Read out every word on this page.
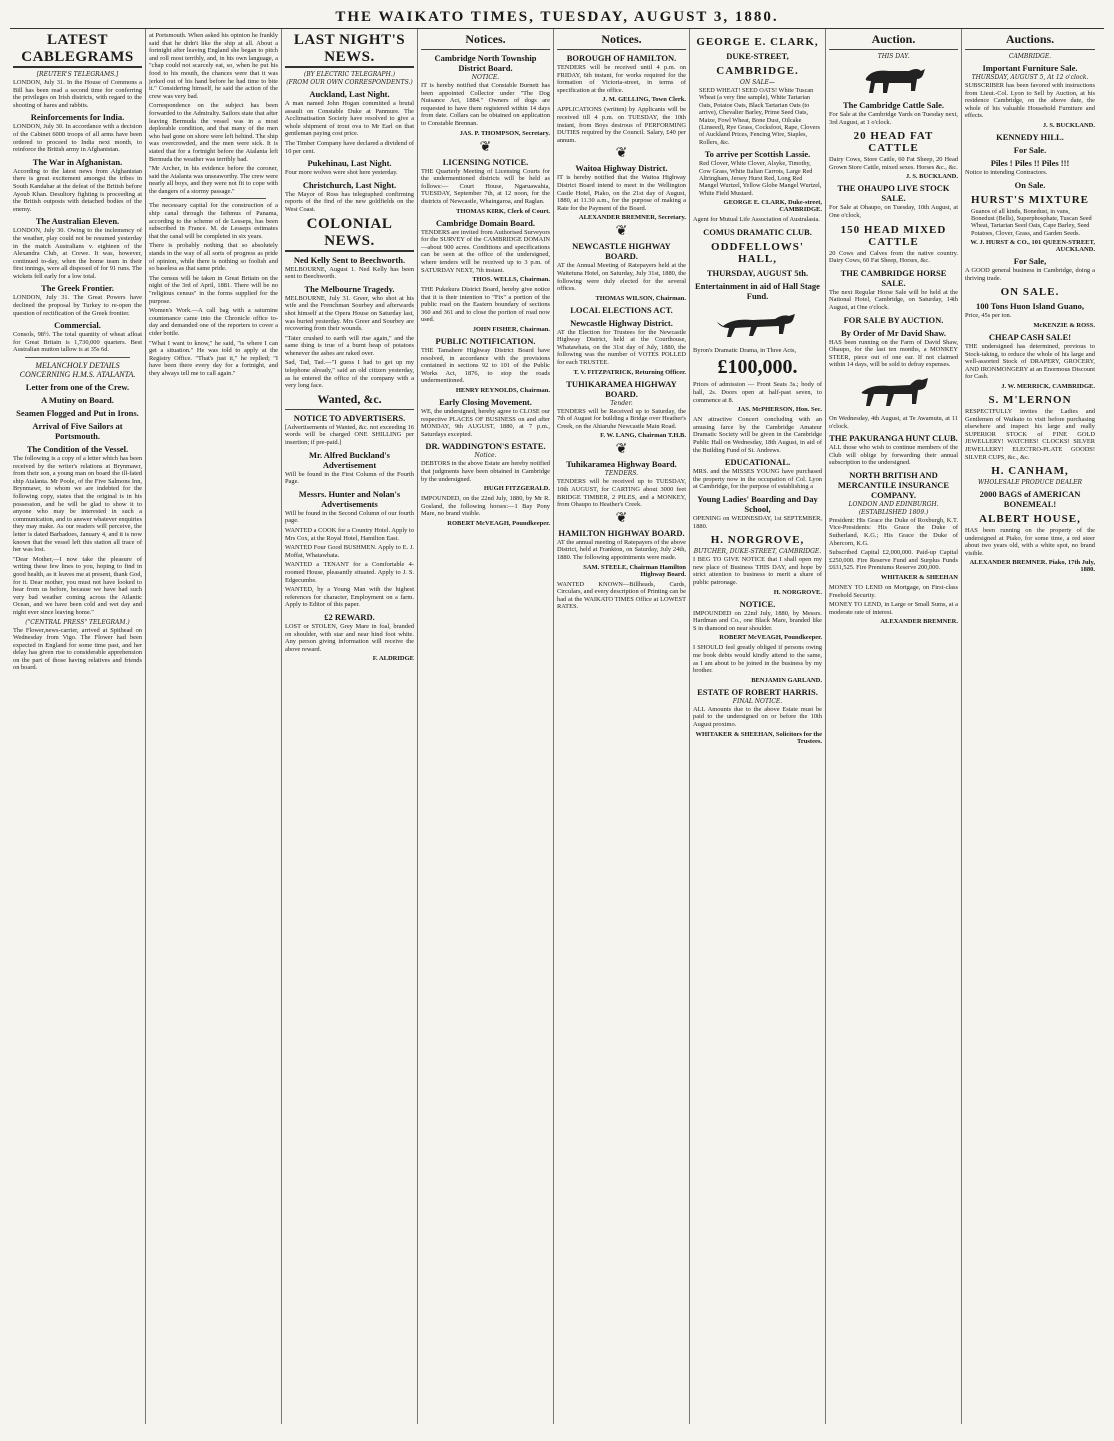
THE WAIKATO TIMES, TUESDAY, AUGUST 3, 1880.
LATEST CABLEGRAMS
[REUTER'S TELEGRAMS.]

LONDON, July 31. In the House of Commons a Bill has been read a second time for conferring the privileges on Irish districts, with regard to the shooting of hares and rabbits.

Reinforcements for India.

LONDON, July 30. In accordance with a decision of the Cabinet 6000 troops of all arms have been ordered to proceed to India next month, to reinforce the British army in Afghanistan.

The War in Afghanistan.

According to the latest news from Afghanistan there is great excitement amongst the tribes in South Kandahar at the defeat of the British before Ayoub Khan. Desultory fighting is proceeding at the British outposts with detached bodies of the enemy.

The Australian Eleven.

LONDON, July 30. Owing to the inclemency of the weather, play could not be resumed yesterday in the match Australians v. eighteen of the Alexandra Club, at Crewe. It was, however, continued to-day, when the home team in their first innings, were all disposed of for 91 runs. The wickets fell early for a low total.

The Greek Frontier.

LONDON, July 31. The Great Powers have declined the proposal by Turkey to re-open the question of rectification of the Greek frontier.

Commercial.

Consols, 98½. The total quantity of wheat afloat for Great Britain is 1,730,000 quarters. Best Australian mutton tallow is at 35s 6d.

MELANCHOLY DETAILS CONCERNING H.M.S. ATALANTA.
Letter from one of the Crew.
A Mutiny on Board.
Seamen Flogged and Put in Irons.
Arrival of Five Sailors at Portsmouth.
The Condition of the Vessel.

The following is a copy of a letter which has been received by the writer's relations at Brynmawr, from their son, a young man on board the ill-fated ship Atalanta. Mr Poole, of the Five Salmons Inn, Brynmawr, to whom we are indebted for the following copy, states that the original is in his possession, and he will be glad to show it to anyone who may be interested in such a communication, and to answer whatever enquiries they may make. As our readers will perceive, the letter is dated Barbadoes, January 4, and it is now known that the vessel left this station all trace of her was lost.

"Dear Mother,—I now take the pleasure of writing these few lines to you, hoping to find in good health, as it leaves me at present, thank God, for it. Dear mother, you must not have looked to hear from us before, because we have had such very bad weather coming across the Atlantic Ocean, and we have been cold and wet day and night ever since leaving home."

("CENTRAL PRESS" TELEGRAM.)

The Flower,news-carrier, arrived at Spithead on Wednesday from Vigo. The Flower had been expected in England for some time past, and her delay has given rise to considerable apprehension on the part of those having relatives and friends on board.

at Portsmouth. When asked his opinion he frankly said that he didn't like the ship at all. About a fortnight after leaving England she began to pitch and roll most terribly, and, in his own language, a "chap could not scarcely eat, so, when he put his food to his mouth, the chances were that it was jerked out of his hand before he had time to bite it." Considering himself, he said the action of the crew was very bad.

Correspondence on the subject has been forwarded to the Admiralty. Sailors state that after leaving Bermuda the vessel was in a most deplorable condition, and that many of the men who had gone on shore were left behind. The ship was overcrowded, and the men were sick. It is stated that for a fortnight before the Atalanta left Bermuda the weather was terribly bad.

"Mr Archer, in his evidence before the coroner, said the Atalanta was unseaworthy. The crew were nearly all boys, and they were not fit to cope with the dangers of a stormy passage."

The necessary capital for the construction of a ship canal through the Isthmus of Panama, according to the scheme of de Lesseps, has been subscribed in France. M. de Lesseps estimates that the canal will be completed in six years.

There is probably nothing that so absolutely stands in the way of all sorts of progress as pride of opinion, while there is nothing so foolish and so baseless as that same pride.

The census will be taken in Great Britain on the night of the 3rd of April, 1881. There will be no "religious census" in the forms supplied for the purpose.

Women's Work.—A call bag with a saturnine countenance came into the Chronicle office to-day and demanded one of the reporters to cover a cider bottle.

"What I want to know," he said, "is where I can get a situation." He was told to apply at the Registry Office. "That's just it," he replied; "I have been there every day for a fortnight, and they always tell me to call again."

LAST NIGHT'S NEWS.
(BY ELECTRIC TELEGRAPH.)
(FROM OUR OWN CORRESPONDENTS.)
Auckland, Last Night.

A man named John Hogan committed a brutal assault on Constable Duke at Panmure. The Acclimatisation Society have resolved to give a whole shipment of trout ova to Mr Earl on that gentleman paying cost price.

The Timber Company have declared a dividend of 10 per cent.

Pukehinau, Last Night.

Four more wolves were shot here yesterday.

Christchurch, Last Night.

The Mayor of Ross has telegraphed confirming reports of the find of the new goldfields on the West Coast.

COLONIAL NEWS.
Ned Kelly Sent to Beechworth.

MELBOURNE, August 1. Ned Kelly has been sent to Beechworth.

The Melbourne Tragedy.

MELBOURNE, July 31. Greer, who shot at his wife and the Frenchman Sourbey and afterwards shot himself at the Opera House on Saturday last, was buried yesterday. Mrs Greer and Sourbey are recovering from their wounds.

"Tater crushed to earth will rise again," and the same thing is true of a burnt heap of potatoes whenever the ashes are raked over.

Sad, Tad, Tad.—"I guess I had to get up my telephone already," said an old citizen yesterday, as he entered the office of the company with a very long face.

Wanted, &c.
NOTICE TO ADVERTISERS.

[Advertisements of Wanted, &c. not exceeding 16 words will be charged ONE SHILLING per insertion; if pre-paid.]

Mr. Alfred Buckland's Advertisement

Will be found in the First Column of the Fourth Page.

Messrs. Hunter and Nolan's Advertisements

Will be found in the Second Column of our fourth page.

WANTED a COOK for a Country Hotel. Apply to Mrs Cox, at the Royal Hotel, Hamilton East.

WANTED Four Good BUSHMEN. Apply to E. J. Moffat, Whatawhata.

WANTED a TENANT for a Comfortable 4-roomed House, pleasantly situated. Apply to J. S. Edgecumbe.

WANTED, by a Young Man with the highest references for character, Employment on a farm. Apply to Editor of this paper.

£2 REWARD.

LOST or STOLEN, Grey Mare in foal, branded on shoulder, with star and near hind foot white. Any person giving information will receive the above reward.

F. ALDRIDGE
Notices.
Cambridge North Township District Board.
NOTICE.

IT is hereby notified that Constable Burnett has been appointed Collector under "The Dog Nuisance Act, 1884." Owners of dogs are requested to have them registered within 14 days from date. Collars can be obtained on application to Constable Brennan.

JAS. P. THOMPSON, Secretary.
❦
LICENSING NOTICE.

THE Quarterly Meeting of Licensing Courts for the undermentioned districts will be held as follows:— Court House, Ngaruawahia, TUESDAY, September 7th, at 12 noon, for the districts of Newcastle, Whaingaroa, and Raglan.

THOMAS KIRK, Clerk of Court.
Cambridge Domain Board.

TENDERS are invited from Authorised Surveyors for the SURVEY of the CAMBRIDGE DOMAIN—about 900 acres. Conditions and specifications can be seen at the office of the undersigned, where tenders will be received up to 3 p.m. of SATURDAY NEXT, 7th instant.

THOS. WELLS, Chairman.

THE Pukekura District Board, hereby give notice that it is their intention to "Fix" a portion of the public road on the Eastern boundary of sections 360 and 361 and to close the portion of road now used.

JOHN FISHER, Chairman.
PUBLIC NOTIFICATION.

THE Tamahere Highway District Board have resolved, in accordance with the provisions contained in sections 92 to 101 of the Public Works Act, 1876, to stop the roads undermentioned.

HENRY REYNOLDS, Chairman.
Early Closing Movement.

WE, the undersigned, hereby agree to CLOSE our respective PLACES OF BUSINESS on and after MONDAY, 9th AUGUST, 1880, at 7 p.m., Saturdays excepted.

DR. WADDINGTON'S ESTATE.
Notice.

DEBTORS in the above Estate are hereby notified that judgments have been obtained in Cambridge by the undersigned.

HUGH FITZGERALD.

IMPOUNDED, on the 22nd July, 1880, by Mr R. Gosland, the following horses:—1 Bay Pony Mare, no brand visible.

ROBERT McVEAGH, Poundkeeper.
Notices.
BOROUGH OF HAMILTON.

TENDERS will be received until 4 p.m. on FRIDAY, 6th instant, for works required for the formation of Victoria-street, in terms of specification at the office.

J. M. GELLING, Town Clerk.

APPLICATIONS (written) by Applicants will be received till 4 p.m. on TUESDAY, the 10th instant, from Boys desirous of PERFORMING DUTIES required by the Council. Salary, £40 per annum.

❦
Waitoa Highway District.

IT is hereby notified that the Waitoa Highway District Board intend to meet in the Wellington Castle Hotel, Piako, on the 21st day of August, 1880, at 11.30 a.m., for the purpose of making a Rate for the Payment of the Board.

ALEXANDER BREMNER, Secretary.
❦
NEWCASTLE HIGHWAY BOARD.

AT the Annual Meeting of Ratepayers held at the Waitetuna Hotel, on Saturday, July 31st, 1880, the following were duly elected for the several offices.

THOMAS WILSON, Chairman.
LOCAL ELECTIONS ACT.
Newcastle Highway District.

AT the Election for Trustees for the Newcastle Highway District, held at the Courthouse, Whatawhata, on the 31st day of July, 1880, the following was the number of VOTES POLLED for each TRUSTEE.

T. V. FITZPATRICK, Returning Officer.
TUHIKARAMEA HIGHWAY BOARD.
Tender.

TENDERS will be Received up to Saturday, the 7th of August for building a Bridge over Heather's Creek, on the Ahiaruhe Newcastle Main Road.

F. W. LANG, Chairman T.H.B.
❦
Tuhikaramea Highway Board.
TENDERS.

TENDERS will be received up to TUESDAY, 10th AUGUST, for CARTING about 3000 feet BRIDGE TIMBER, 2 PILES, and a MONKEY, from Ohaupo to Heather's Creek.

❦
HAMILTON HIGHWAY BOARD.

AT the annual meeting of Ratepayers of the above District, held at Frankton, on Saturday, July 24th, 1880. The following appointments were made.

SAM. STEELE, Chairman Hamilton Highway Board.

WANTED KNOWN—Billheads, Cards, Circulars, and every description of Printing can be had at the WAIKATO TIMES Office at LOWEST RATES.

GEORGE E. CLARK,
DUKE-STREET,
CAMBRIDGE.
ON SALE—

SEED WHEAT! SEED OATS! White Tuscan Wheat (a very fine sample), White Tartarian Oats, Potatoe Oats, Black Tartarian Oats (to arrive), Chevalier Barley, Prime Seed Oats, Maize, Fowl Wheat, Bone Dust, Oilcake (Linseed), Rye Grass, Cocksfoot, Rape, Clovers of Auckland Prices, Fencing Wire, Staples, Rollers, &c.

To arrive per Scottish Lassie.

Red Clover, White Clover, Alsyke, Timothy, Cow Grass, White Italian Carrots, Large Red Altringham, Jersey Hurst Red, Long Red Mangel Wurtzel, Yellow Globe Mangel Wurtzel, White Field Mustard.

GEORGE E. CLARK, Duke-street, CAMBRIDGE.

Agent for Mutual Life Association of Australasia.

COMUS DRAMATIC CLUB.
ODDFELLOWS' HALL,
THURSDAY, AUGUST 5th.
Entertainment in aid of Hall Stage Fund.

Byron's Dramatic Drama, in Three Acts,

£100,000.

Prices of admission — Front Seats 3s.; body of hall, 2s. Doors open at half-past seven, to commence at 8.

JAS. McPHERSON, Hon. Sec.

AN attractive Concert concluding with an amusing farce by the Cambridge Amateur Dramatic Society will be given in the Cambridge Public Hall on Wednesday, 18th August, in aid of the Building Fund of St. Andrews.

EDUCATIONAL.

MRS. and the MISSES YOUNG have purchased the property now in the occupation of Col. Lyon at Cambridge, for the purpose of establishing a

Young Ladies' Boarding and Day School,

OPENING on WEDNESDAY, 1st SEPTEMBER, 1880.

H. NORGROVE,
BUTCHER, DUKE-STREET, CAMBRIDGE.

I BEG TO GIVE NOTICE that I shall open my new place of Business THIS DAY, and hope by strict attention to business to merit a share of public patronage.

H. NORGROVE.
NOTICE.

IMPOUNDED on 22nd July, 1880, by Messrs. Hardman and Co., one Black Mare, branded like S in diamond on near shoulder.

ROBERT McVEAGH, Poundkeeper.

I SHOULD feel greatly obliged if persons owing me book debts would kindly attend to the same, as I am about to be joined in the business by my brother.

BENJAMIN GARLAND.
ESTATE OF ROBERT HARRIS.
FINAL NOTICE.

ALL Amounts due to the above Estate must be paid to the undersigned on or before the 10th August proximo.

WHITAKER & SHEEHAN, Solicitors for the Trustees.
Auction.
THIS DAY.
The Cambridge Cattle Sale.

For Sale at the Cambridge Yards on Tuesday next, 3rd August, at 1 o'clock.

20 HEAD FAT CATTLE

Dairy Cows, Store Cattle, 60 Fat Sheep, 20 Head Grown Store Cattle, mixed sexes. Horses &c., &c.

J. S. BUCKLAND.
THE OHAUPO LIVE STOCK SALE.

For Sale at Ohaupo, on Tuesday, 10th August, at One o'clock,

150 HEAD MIXED CATTLE

20 Cows and Calves from the native country. Dairy Cows, 60 Fat Sheep, Horses, &c.

THE CAMBRIDGE HORSE SALE.

The next Regular Horse Sale will be held at the National Hotel, Cambridge, on Saturday, 14th August, at One o'clock.

FOR SALE BY AUCTION.
By Order of Mr David Shaw.

HAS been running on the Farm of David Shaw, Ohaupo, for the last ten months, a MONKEY STEER, piece out of one ear. If not claimed within 14 days, will be sold to defray expenses.

On Wednesday, 4th August, at Te Awamutu, at 11 o'clock.

THE PAKURANGA HUNT CLUB.

ALL those who wish to continue members of the Club will oblige by forwarding their annual subscription to the undersigned.

NORTH BRITISH AND MERCANTILE INSURANCE COMPANY.
LONDON AND EDINBURGH.
(ESTABLISHED 1809.)

President: His Grace the Duke of Roxburgh, K.T. Vice-Presidents: His Grace the Duke of Sutherland, K.G.; His Grace the Duke of Abercorn, K.G.

Subscribed Capital £2,000,000. Paid-up Capital £250,000. Fire Reserve Fund and Surplus Funds £631,525. Fire Premiums Reserve 200,000.

WHITAKER & SHEEHAN

MONEY TO LEND on Mortgage, on First-class Freehold Security.

MONEY TO LEND, in Large or Small Sums, at a moderate rate of interest.

ALEXANDER BREMNER.
Auctions.
CAMBRIDGE.
Important Furniture Sale.
THURSDAY, AUGUST 5, At 12 o'clock.

SUBSCRIBER has been favored with instructions from Lieut.-Col. Lyon to Sell by Auction, at his residence Cambridge, on the above date, the whole of his valuable Household Furniture and effects.

J. S. BUCKLAND.
KENNEDY HILL.
For Sale.
Piles ! Piles !! Piles !!!

Notice to intending Contractors.

On Sale.
HURST'S MIXTURE

Guanos of all kinds, Bonedust, in vans, Bonedust (Bells), Superphosphate, Tuscan Seed Wheat, Tartarian Seed Oats, Cape Barley, Seed Potatoes, Clover, Grass, and Garden Seeds.

W. J. HURST & CO., 101 QUEEN-STREET, AUCKLAND.
For Sale,

A GOOD general business in Cambridge, doing a thriving trade.

ON SALE.
100 Tons Huon Island Guano,

Price, 45s per ton.

McKENZIE & ROSS.
CHEAP CASH SALE!

THE undersigned has determined, previous to Stock-taking, to reduce the whole of his large and well-assorted Stock of DRAPERY, GROCERY, AND IRONMONGERY at an Enormous Discount for Cash.

J. W. MERRICK, CAMBRIDGE.
S. M'LERNON

RESPECTFULLY invites the Ladies and Gentlemen of Waikato to visit before purchasing elsewhere and inspect his large and really SUPERIOR STOCK of FINE GOLD JEWELLERY! WATCHES! CLOCKS! SILVER JEWELLERY! ELECTRO-PLATE GOODS! SILVER CUPS, &c., &c.

H. CANHAM,
WHOLESALE PRODUCE DEALER
2000 BAGS of AMERICAN BONEMEAL!
ALBERT HOUSE,

HAS been running on the property of the undersigned at Piako, for some time, a red steer about two years old, with a white spot, no brand visible.

ALEXANDER BREMNER. Piako, 17th July, 1880.
